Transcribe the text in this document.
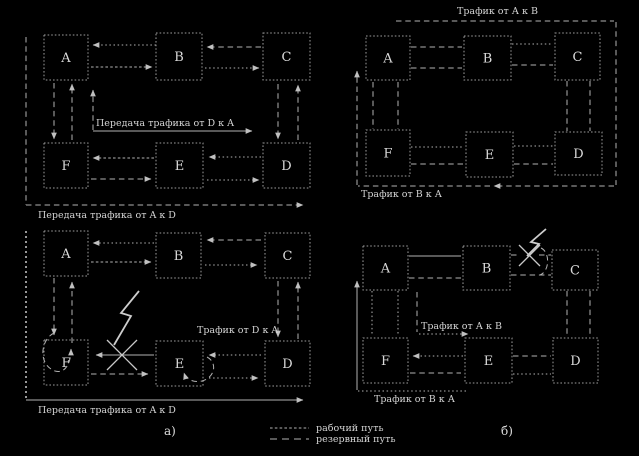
A	B	C
F	E	D
Передача трафика от D к A
Передача трафика от A к D
A	B	C
F	E	D
Трафик от А к В
Трафик от В к А
A	B	C
F	E	D
Трафик от D к A
Передача трафика от A к D
а)
A	B	C
F	E	D
Трафик от А к В
Трафик от В к А
б)
рабочий путь
резервный путь
